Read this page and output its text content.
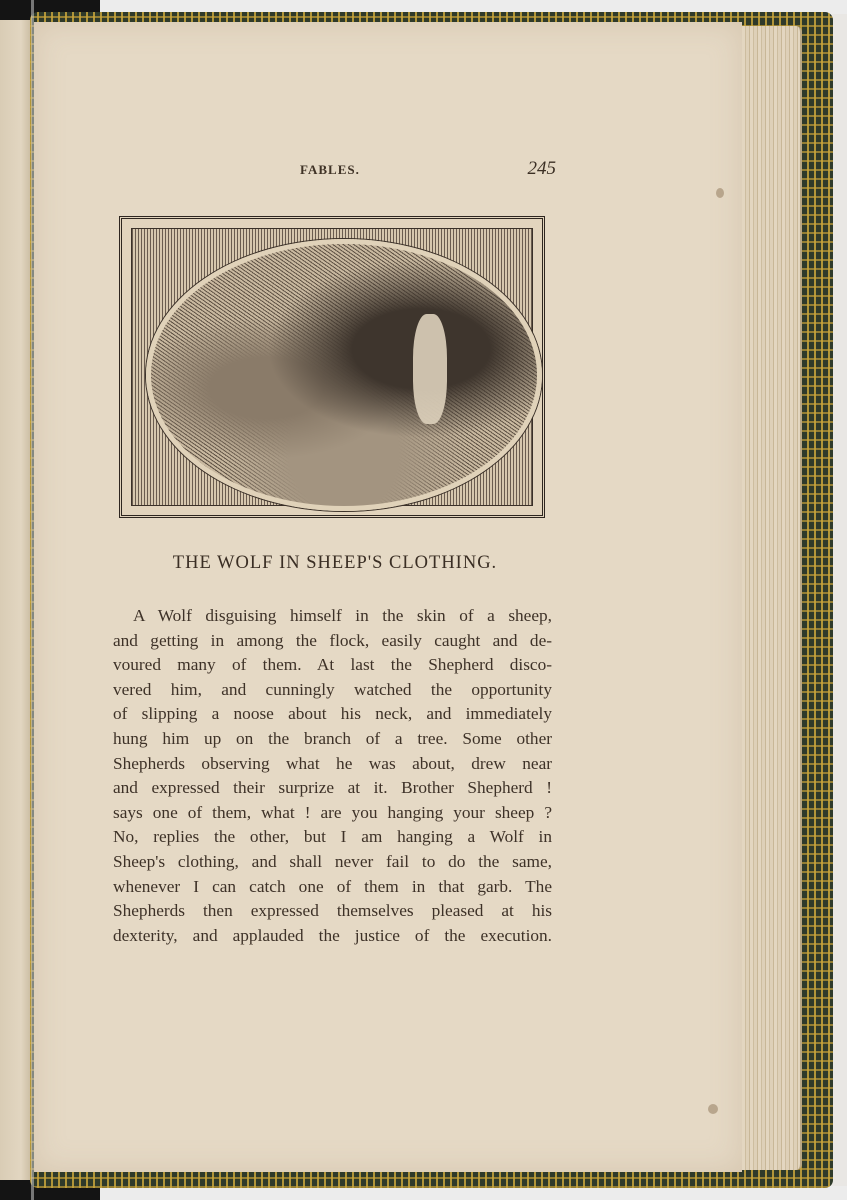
FABLES.	245
THE WOLF IN SHEEP'S CLOTHING.
A Wolf disguising himself in the skin of a sheep,
and getting in among the flock, easily caught and de-
voured many of them. At last the Shepherd disco-
vered him, and cunningly watched the opportunity
of slipping a noose about his neck, and immediately
hung him up on the branch of a tree. Some other
Shepherds observing what he was about, drew near
and expressed their surprize at it. Brother Shepherd !
says one of them, what ! are you hanging your sheep ?
No, replies the other, but I am hanging a Wolf in
Sheep's clothing, and shall never fail to do the same,
whenever I can catch one of them in that garb. The
Shepherds then expressed themselves pleased at his
dexterity, and applauded the justice of the execution.
